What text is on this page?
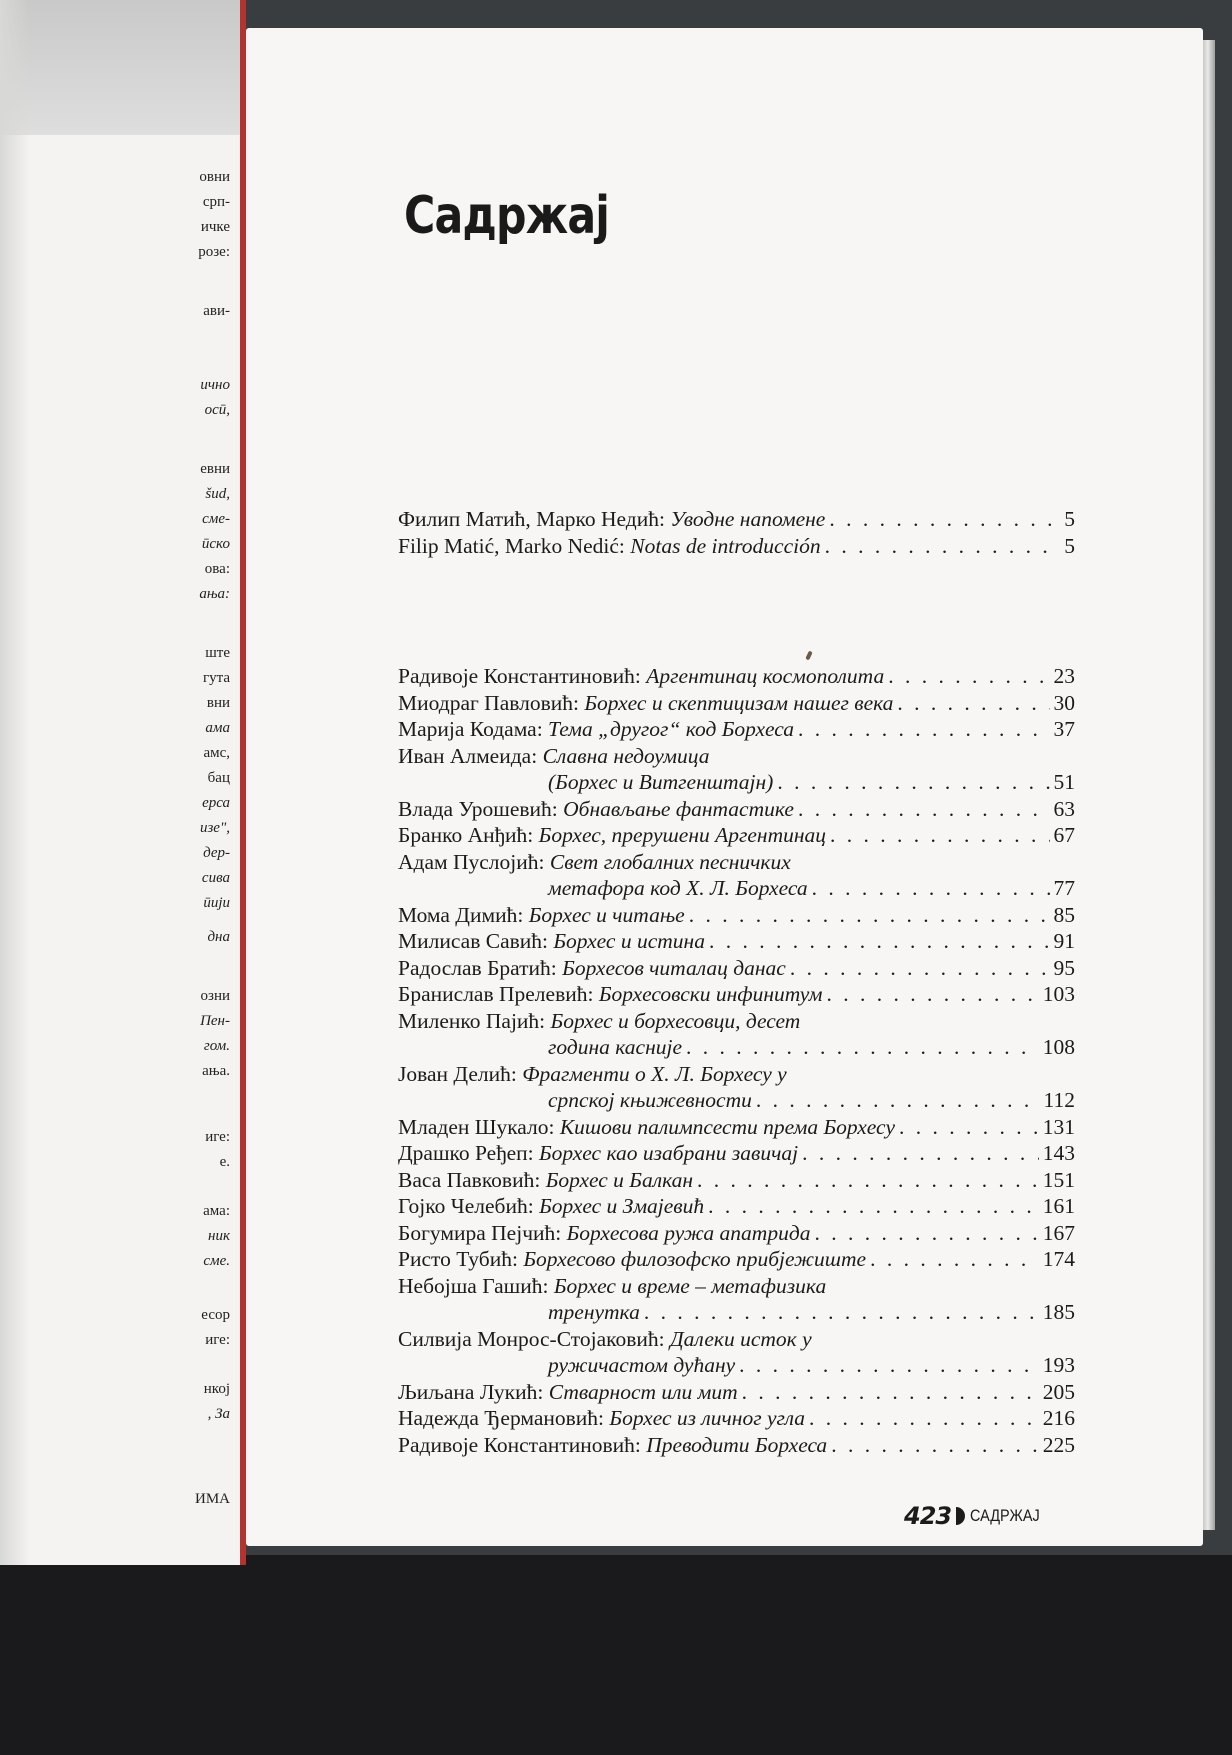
овни
срп-
ичке
розе:
ави-
ично
ocū,
евни
šud,
сме-
ūско
ова:
ања:
ште
гута
вни
ама
амс,
бац
ерса
изе",
дер-
сива
ūији
дна
озни
Пен-
гом.
ања.
иге:
е.
ама:
ник
сме.
есор
иге:
нкој
, За
ИМА
Садржај
Филип Матић, Марко Недић: Уводне напомене . . .	5
Filip Matić, Marko Nedić: Notas de introducción . . .	5
Радивоје Константиновић: Аргентинац космополита . . .	23
Миодраг Павловић: Борхес и скептицизам нашег века . . .	30
Марија Кодама: Тема „другог“ код Борхеса . . .	37
Иван Алмеида: Славна недоумица
(Борхес и Витгенштајн) . . .	51
Влада Урошевић: Обнављање фантастике . . .	63
Бранко Анђић: Борхес, прерушени Аргентинац . . .	67
Адам Пуслојић: Свет глобалних песничких
метафора код Х. Л. Борхеса . . .	77
Мома Димић: Борхес и читање . . .	85
Милисав Савић: Борхес и истина . . .	91
Радослав Братић: Борхесов читалац данас . . .	95
Бранислав Прелевић: Борхесовски инфинитум . . .	103
Миленко Пајић: Борхес и борхесовци, десет
година касније . . .	108
Јован Делић: Фрагменти о Х. Л. Борхесу у
српској књижевности . . .	112
Младен Шукало: Кишови палимпсести према Борхесу . . .	131
Драшко Ређеп: Борхес као изабрани завичај . . .	143
Васа Павковић: Борхес и Балкан . . .	151
Гојко Челебић: Борхес и Змајевић . . .	161
Богумира Пејчић: Борхесова ружа апатрида . . .	167
Ристо Тубић: Борхесово филозофско прибјежиште . . .	174
Небојша Гашић: Борхес и време – метафизика
тренутка . . .	185
Силвија Монрос-Стојаковић: Далеки исток у
ружичастом дућану . . .	193
Љиљана Лукић: Стварност или мит . . .	205
Надежда Ђермановић: Борхес из личног угла . . .	216
Радивоје Константиновић: Преводити Борхеса . . .	225
423 САДРЖАЈ
